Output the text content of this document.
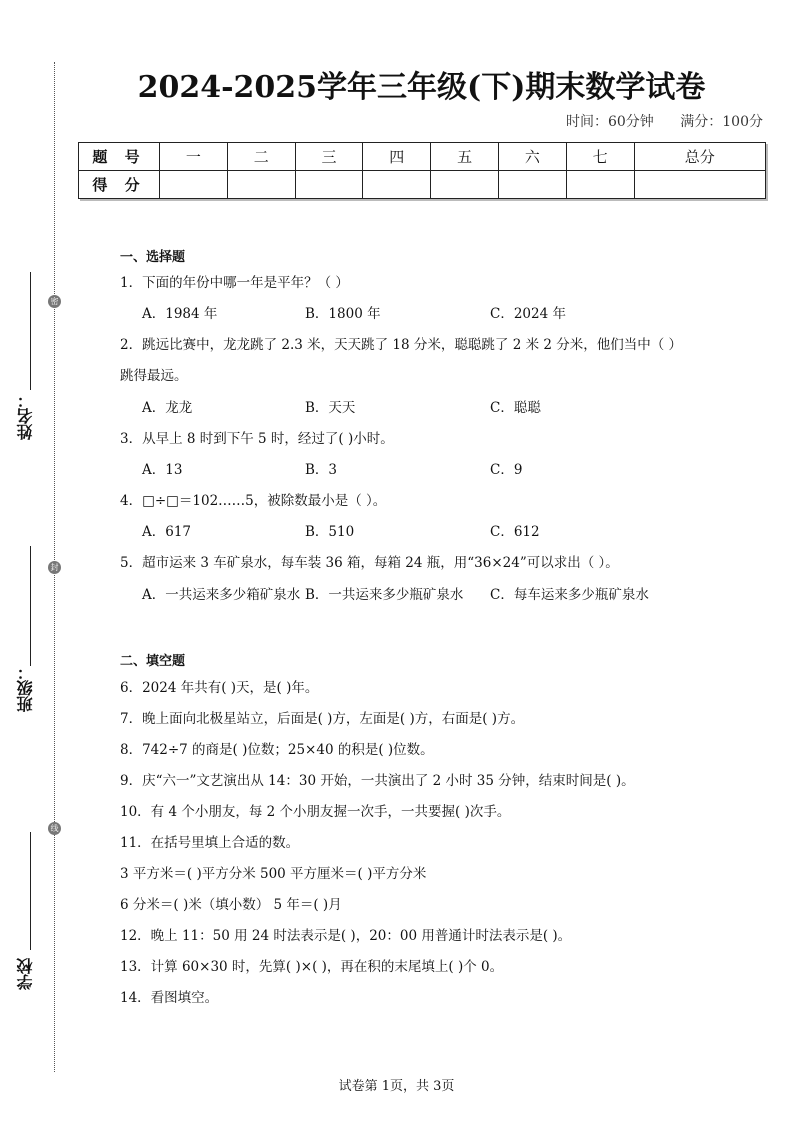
密
封
线
姓名：
班级：
学校
2024-2025学年三年级(下)期末数学试卷
时间：60分钟 满分：100分
题 号	一	二	三	四	五	六	七	总分
得 分								
一、选择题
1．下面的年份中哪一年是平年？（ ）
A．1984 年	B．1800 年	C．2024 年
2．跳远比赛中，龙龙跳了 2.3 米，天天跳了 18 分米，聪聪跳了 2 米 2 分米，他们当中（ ）
跳得最远。
A．龙龙	B．天天	C．聪聪
3．从早上 8 时到下午 5 时，经过了( )小时。
A．13	B．3	C．9
4．□÷□＝102……5，被除数最小是（ ）。
A．617	B．510	C．612
5．超市运来 3 车矿泉水，每车装 36 箱，每箱 24 瓶，用“36×24”可以求出（ ）。
A．一共运来多少箱矿泉水 B．一共运来多少瓶矿泉水 C．每车运来多少瓶矿泉水
二、填空题
6．2024 年共有( )天，是( )年。
7．晚上面向北极星站立，后面是( )方，左面是( )方，右面是( )方。
8．742÷7 的商是( )位数；25×40 的积是( )位数。
9．庆“六一”文艺演出从 14：30 开始，一共演出了 2 小时 35 分钟，结束时间是( )。
10．有 4 个小朋友，每 2 个小朋友握一次手，一共要握( )次手。
11．在括号里填上合适的数。
3 平方米＝( )平方分米 500 平方厘米＝( )平方分米
6 分米＝( )米（填小数） 5 年＝( )月
12．晚上 11：50 用 24 时法表示是( )，20：00 用普通计时法表示是( )。
13．计算 60×30 时，先算( )×( )，再在积的末尾填上( )个 0。
14．看图填空。
试卷第 1页，共 3页
